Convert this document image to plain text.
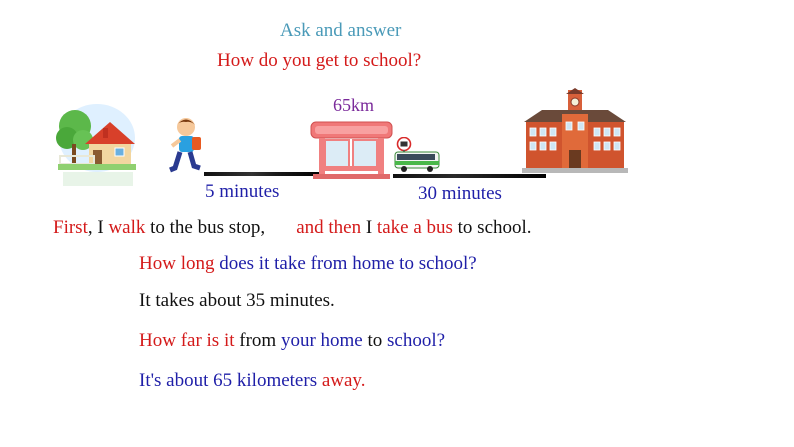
Ask and answer
How do you get to school?
65km
5 minutes	30 minutes
First, I walk to the bus stop, and then I take a bus to school.
How long does it take from home to school?
It takes about 35 minutes.
How far is it from your home to school?
It's about 65 kilometers away.
